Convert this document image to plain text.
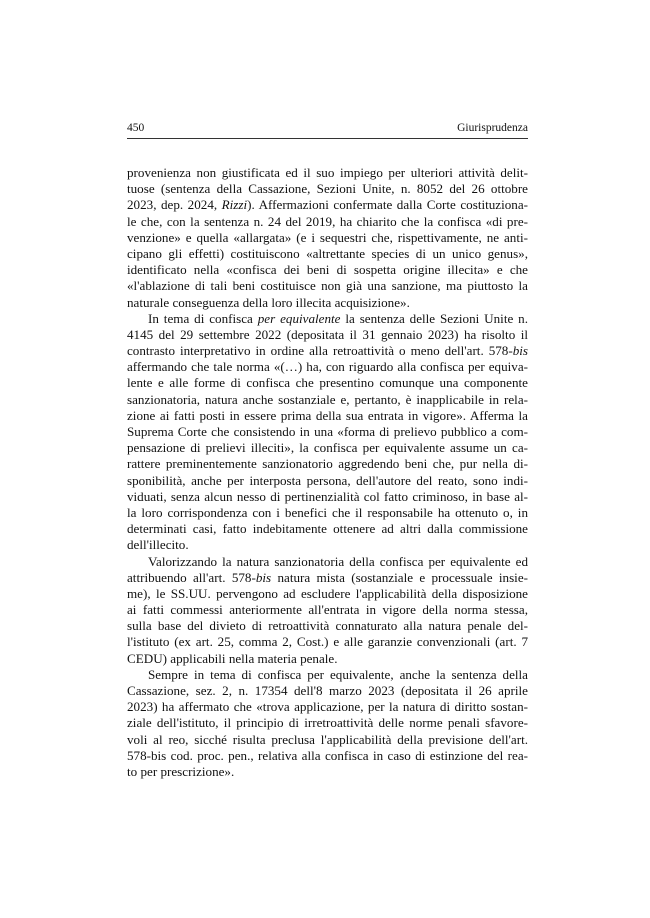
450	Giurisprudenza
provenienza non giustificata ed il suo impiego per ulteriori attività delit-
tuose (sentenza della Cassazione, Sezioni Unite, n. 8052 del 26 ottobre
2023, dep. 2024, Rizzi). Affermazioni confermate dalla Corte costituziona-
le che, con la sentenza n. 24 del 2019, ha chiarito che la confisca «di pre-
venzione» e quella «allargata» (e i sequestri che, rispettivamente, ne anti-
cipano gli effetti) costituiscono «altrettante species di un unico genus»,
identificato nella «confisca dei beni di sospetta origine illecita» e che
«l'ablazione di tali beni costituisce non già una sanzione, ma piuttosto la
naturale conseguenza della loro illecita acquisizione».
In tema di confisca per equivalente la sentenza delle Sezioni Unite n.
4145 del 29 settembre 2022 (depositata il 31 gennaio 2023) ha risolto il
contrasto interpretativo in ordine alla retroattività o meno dell'art. 578-bis
affermando che tale norma «(…) ha, con riguardo alla confisca per equiva-
lente e alle forme di confisca che presentino comunque una componente
sanzionatoria, natura anche sostanziale e, pertanto, è inapplicabile in rela-
zione ai fatti posti in essere prima della sua entrata in vigore». Afferma la
Suprema Corte che consistendo in una «forma di prelievo pubblico a com-
pensazione di prelievi illeciti», la confisca per equivalente assume un ca-
rattere preminentemente sanzionatorio aggredendo beni che, pur nella di-
sponibilità, anche per interposta persona, dell'autore del reato, sono indi-
viduati, senza alcun nesso di pertinenzialità col fatto criminoso, in base al-
la loro corrispondenza con i benefici che il responsabile ha ottenuto o, in
determinati casi, fatto indebitamente ottenere ad altri dalla commissione
dell'illecito.
Valorizzando la natura sanzionatoria della confisca per equivalente ed
attribuendo all'art. 578-bis natura mista (sostanziale e processuale insie-
me), le SS.UU. pervengono ad escludere l'applicabilità della disposizione
ai fatti commessi anteriormente all'entrata in vigore della norma stessa,
sulla base del divieto di retroattività connaturato alla natura penale del-
l'istituto (ex art. 25, comma 2, Cost.) e alle garanzie convenzionali (art. 7
CEDU) applicabili nella materia penale.
Sempre in tema di confisca per equivalente, anche la sentenza della
Cassazione, sez. 2, n. 17354 dell'8 marzo 2023 (depositata il 26 aprile
2023) ha affermato che «trova applicazione, per la natura di diritto sostan-
ziale dell'istituto, il principio di irretroattività delle norme penali sfavore-
voli al reo, sicché risulta preclusa l'applicabilità della previsione dell'art.
578-bis cod. proc. pen., relativa alla confisca in caso di estinzione del rea-
to per prescrizione».
